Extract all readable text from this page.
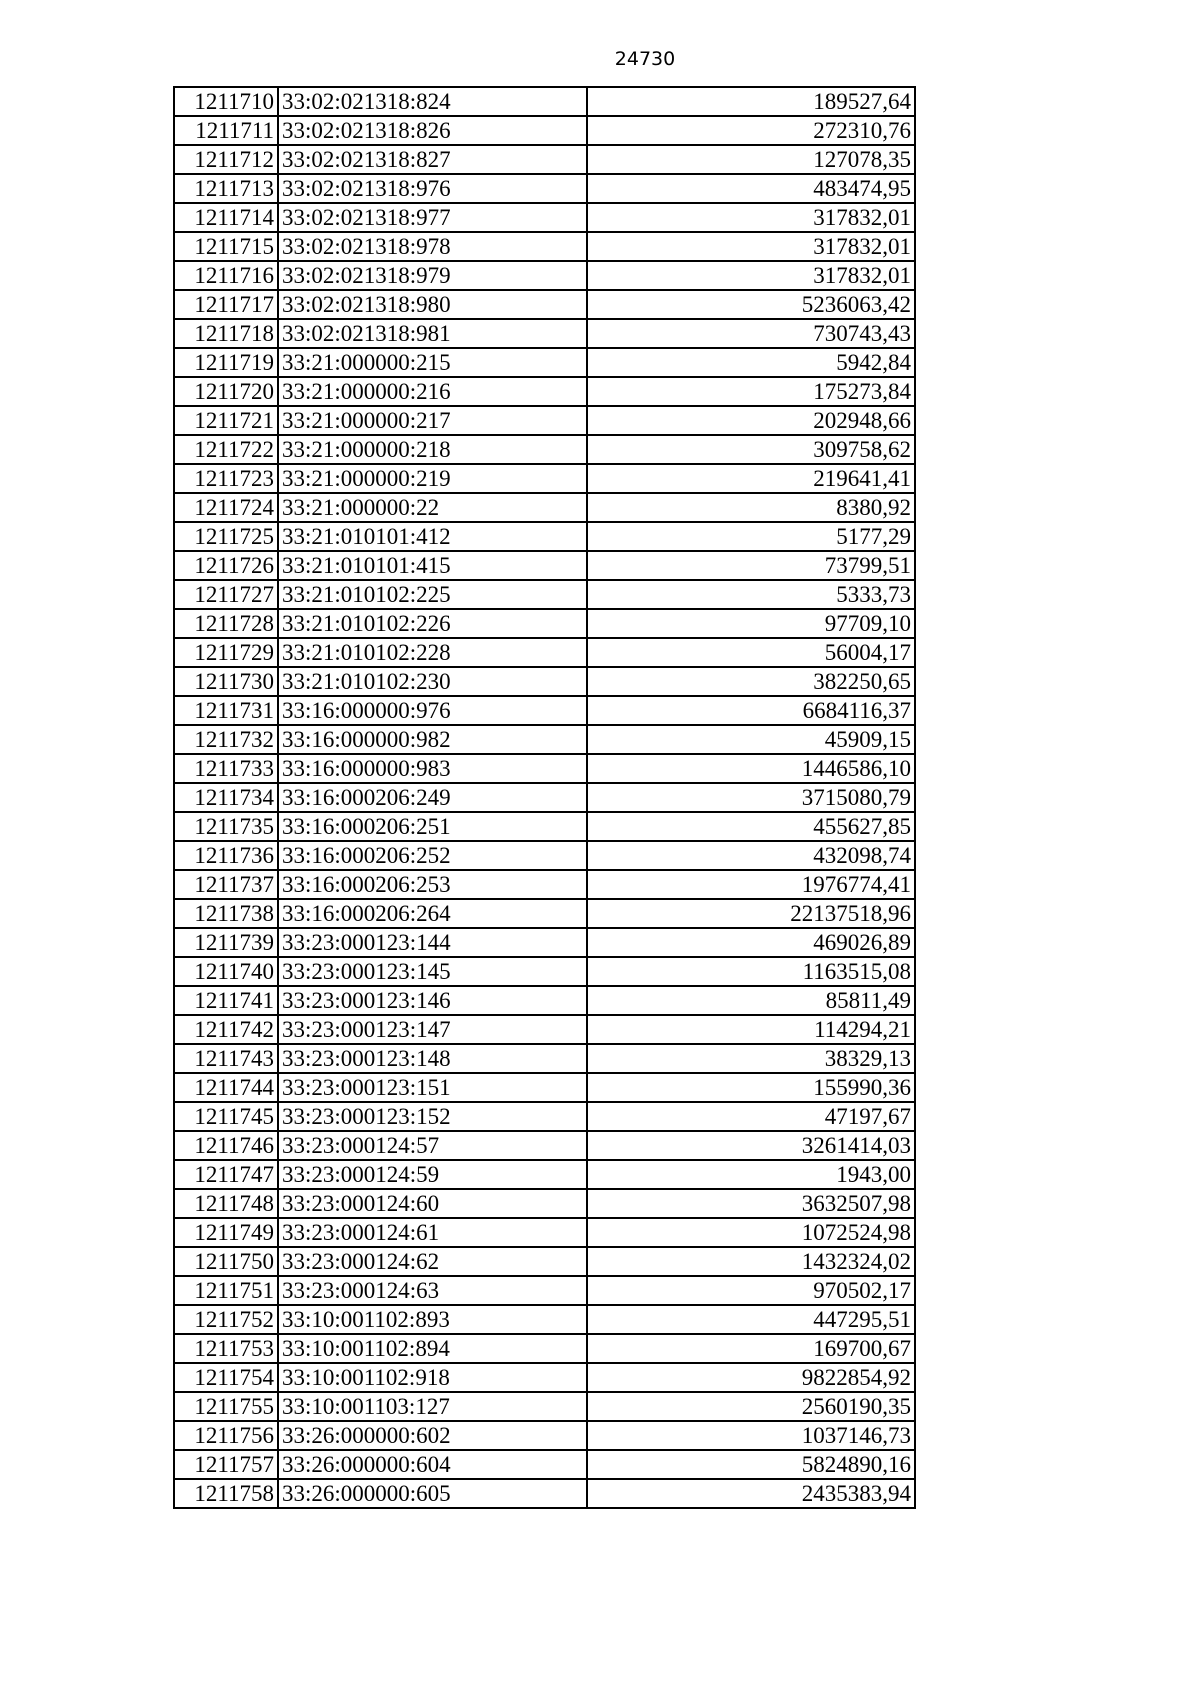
24730
1211710	33:02:021318:824	189527,64
1211711	33:02:021318:826	272310,76
1211712	33:02:021318:827	127078,35
1211713	33:02:021318:976	483474,95
1211714	33:02:021318:977	317832,01
1211715	33:02:021318:978	317832,01
1211716	33:02:021318:979	317832,01
1211717	33:02:021318:980	5236063,42
1211718	33:02:021318:981	730743,43
1211719	33:21:000000:215	5942,84
1211720	33:21:000000:216	175273,84
1211721	33:21:000000:217	202948,66
1211722	33:21:000000:218	309758,62
1211723	33:21:000000:219	219641,41
1211724	33:21:000000:22	8380,92
1211725	33:21:010101:412	5177,29
1211726	33:21:010101:415	73799,51
1211727	33:21:010102:225	5333,73
1211728	33:21:010102:226	97709,10
1211729	33:21:010102:228	56004,17
1211730	33:21:010102:230	382250,65
1211731	33:16:000000:976	6684116,37
1211732	33:16:000000:982	45909,15
1211733	33:16:000000:983	1446586,10
1211734	33:16:000206:249	3715080,79
1211735	33:16:000206:251	455627,85
1211736	33:16:000206:252	432098,74
1211737	33:16:000206:253	1976774,41
1211738	33:16:000206:264	22137518,96
1211739	33:23:000123:144	469026,89
1211740	33:23:000123:145	1163515,08
1211741	33:23:000123:146	85811,49
1211742	33:23:000123:147	114294,21
1211743	33:23:000123:148	38329,13
1211744	33:23:000123:151	155990,36
1211745	33:23:000123:152	47197,67
1211746	33:23:000124:57	3261414,03
1211747	33:23:000124:59	1943,00
1211748	33:23:000124:60	3632507,98
1211749	33:23:000124:61	1072524,98
1211750	33:23:000124:62	1432324,02
1211751	33:23:000124:63	970502,17
1211752	33:10:001102:893	447295,51
1211753	33:10:001102:894	169700,67
1211754	33:10:001102:918	9822854,92
1211755	33:10:001103:127	2560190,35
1211756	33:26:000000:602	1037146,73
1211757	33:26:000000:604	5824890,16
1211758	33:26:000000:605	2435383,94
